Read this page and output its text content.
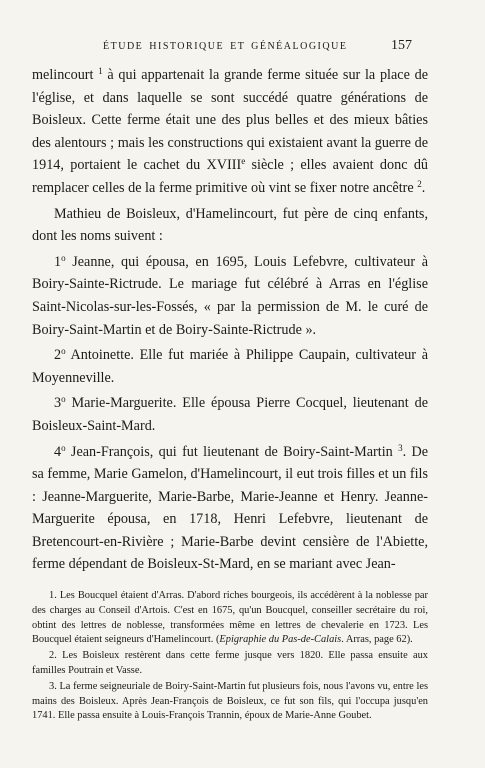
ÉTUDE HISTORIQUE ET GÉNÉALOGIQUE	157

melincourt $^1$ à qui appartenait la grande ferme située sur la place de l'église, et dans laquelle se sont succédé quatre générations de Boisleux. Cette ferme était une des plus belles et des mieux bâties des alentours ; mais les constructions qui existaient avant la guerre de 1914, portaient le cachet du XVIIIe siècle ; elles avaient donc dû remplacer celles de la ferme primitive où vint se fixer notre ancêtre $^2$.

Mathieu de Boisleux, d'Hamelincourt, fut père de cinq enfants, dont les noms suivent :

1$^o$ Jeanne, qui épousa, en 1695, Louis Lefebvre, cultivateur à Boiry-Sainte-Rictrude. Le mariage fut célébré à Arras en l'église Saint-Nicolas-sur-les-Fossés, « par la permission de M. le curé de Boiry-Saint-Martin et de Boiry-Sainte-Rictrude ».

2$^o$ Antoinette. Elle fut mariée à Philippe Caupain, cultivateur à Moyenneville.

3$^o$ Marie-Marguerite. Elle épousa Pierre Cocquel, lieutenant de Boisleux-Saint-Mard.

4$^o$ Jean-François, qui fut lieutenant de Boiry-Saint-Martin $^3$. De sa femme, Marie Gamelon, d'Hamelincourt, il eut trois filles et un fils : Jeanne-Marguerite, Marie-Barbe, Marie-Jeanne et Henry. Jeanne-Marguerite épousa, en 1718, Henri Lefebvre, lieutenant de Bretencourt-en-Rivière ; Marie-Barbe devint censière de l'Abiette, ferme dépendant de Boisleux-St-Mard, en se mariant avec Jean-

1. Les Boucquel étaient d'Arras. D'abord riches bourgeois, ils accédèrent à la noblesse par des charges au Conseil d'Artois. C'est en 1675, qu'un Boucquel, conseiller secrétaire du roi, obtint des lettres de noblesse, transformées même en lettres de chevalerie en 1723. Les Boucquel étaient seigneurs d'Hamelincourt. (Epigraphie du Pas-de-Calais. Arras, page 62).

2. Les Boisleux restèrent dans cette ferme jusque vers 1820. Elle passa ensuite aux familles Poutrain et Vasse.

3. La ferme seigneuriale de Boiry-Saint-Martin fut plusieurs fois, nous l'avons vu, entre les mains des Boisleux. Après Jean-François de Boisleux, ce fut son fils, qui l'occupa jusqu'en 1741. Elle passa ensuite à Louis-François Trannin, époux de Marie-Anne Goubet.
